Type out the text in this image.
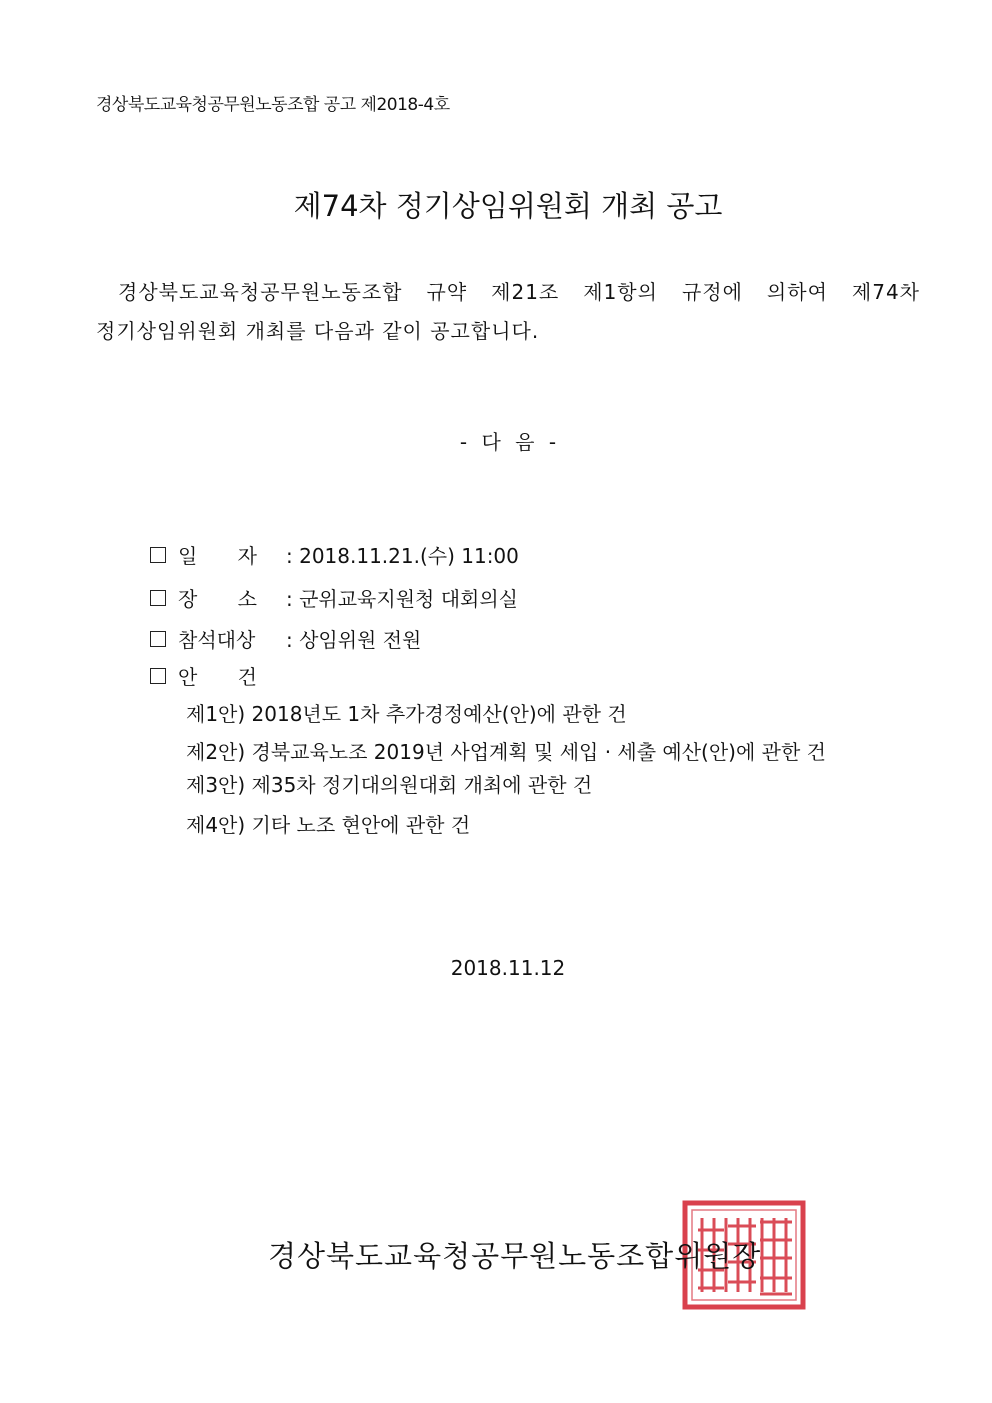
경상북도교육청공무원노동조합 공고 제2018-4호
제74차 정기상임위원회 개최 공고
경상북도교육청공무원노동조합 규약 제21조 제1항의 규정에 의하여 제74차
정기상임위원회 개최를 다음과 같이 공고합니다.
- 다 음 -
일 자	: 2018.11.21.(수) 11:00
장 소	: 군위교육지원청 대회의실
참석대상	: 상임위원 전원
안 건
제1안) 2018년도 1차 추가경정예산(안)에 관한 건
제2안) 경북교육노조 2019년 사업계획 및 세입 · 세출 예산(안)에 관한 건
제3안) 제35차 정기대의원대회 개최에 관한 건
제4안) 기타 노조 현안에 관한 건
2018.11.12
경상북도교육청공무원노동조합위원장
